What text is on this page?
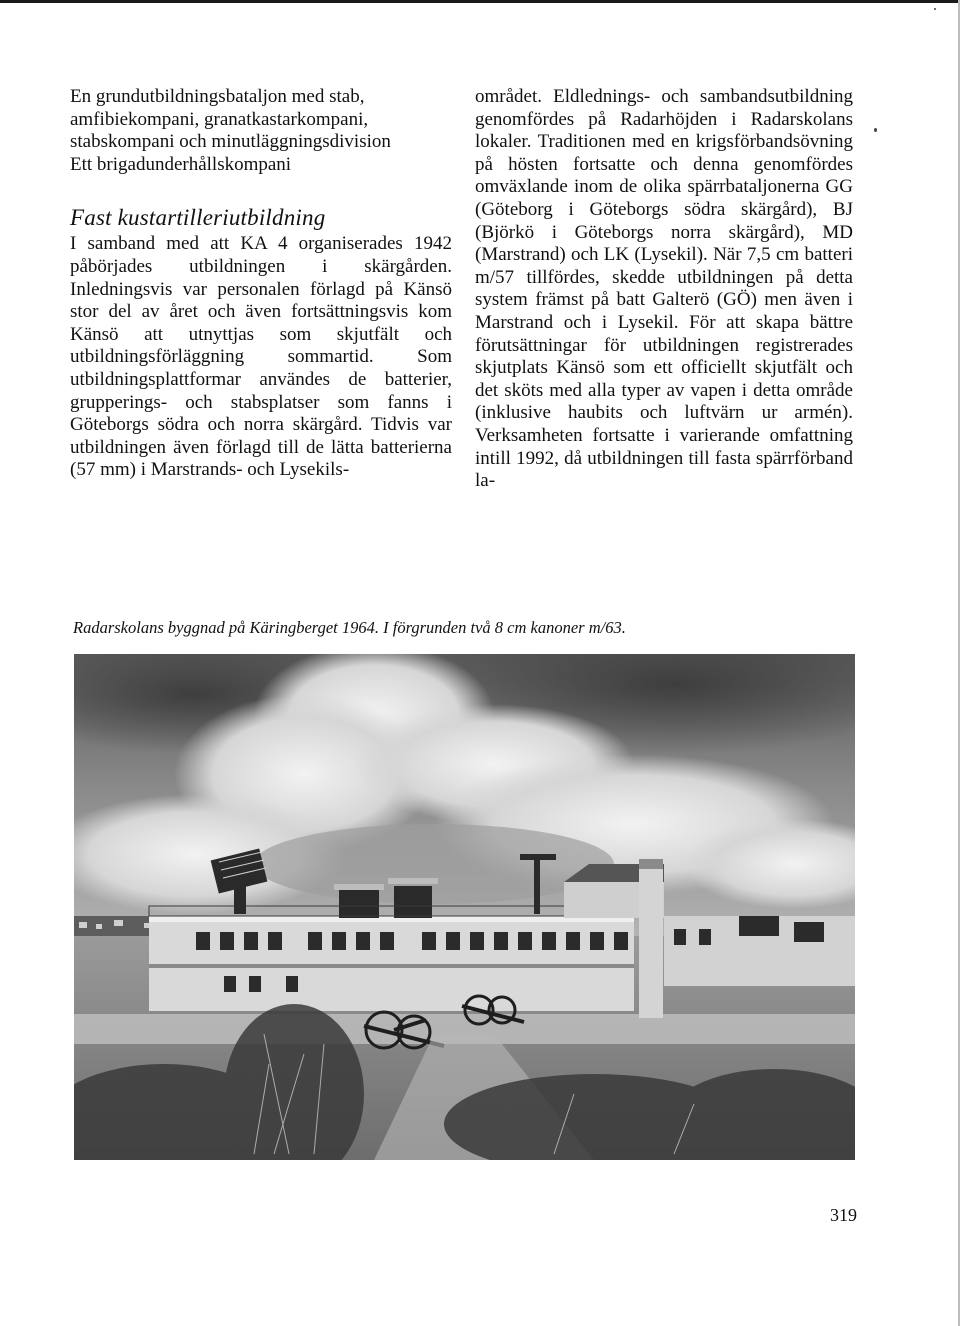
En grundutbildningsbataljon med stab,
amfibiekompani, granatkastarkompani,
stabskompani och minutläggningsdivision
Ett brigadunderhållskompani
Fast kustartilleriutbildning

I samband med att KA 4 organiserades 1942 påbörjades utbildningen i skärgården. Inledningsvis var personalen förlagd på Känsö stor del av året och även fortsättningsvis kom Känsö att utnyttjas som skjutfält och utbildningsförläggning sommartid. Som utbildningsplattformar användes de batterier, grupperings- och stabsplatser som fanns i Göteborgs södra och norra skärgård. Tidvis var utbildningen även förlagd till de lätta batterierna (57 mm) i Marstrands- och Lysekils-

området. Eldlednings- och sambandsutbildning genomfördes på Radarhöjden i Radarskolans lokaler. Traditionen med en krigsförbandsövning på hösten fortsatte och denna genomfördes omväxlande inom de olika spärrbataljonerna GG (Göteborg i Göteborgs södra skärgård), BJ (Björkö i Göteborgs norra skärgård), MD (Marstrand) och LK (Lysekil). När 7,5 cm batteri m/57 tillfördes, skedde utbildningen på detta system främst på batt Galterö (GÖ) men även i Marstrand och i Lysekil. För att skapa bättre förutsättningar för utbildningen registrerades skjutplats Känsö som ett officiellt skjutfält och det sköts med alla typer av vapen i detta område (inklusive haubits och luftvärn ur armén). Verksamheten fortsatte i varierande omfattning intill 1992, då utbildningen till fasta spärrförband la-

Radarskolans byggnad på Käringberget 1964. I förgrunden två 8 cm kanoner m/63.
319
